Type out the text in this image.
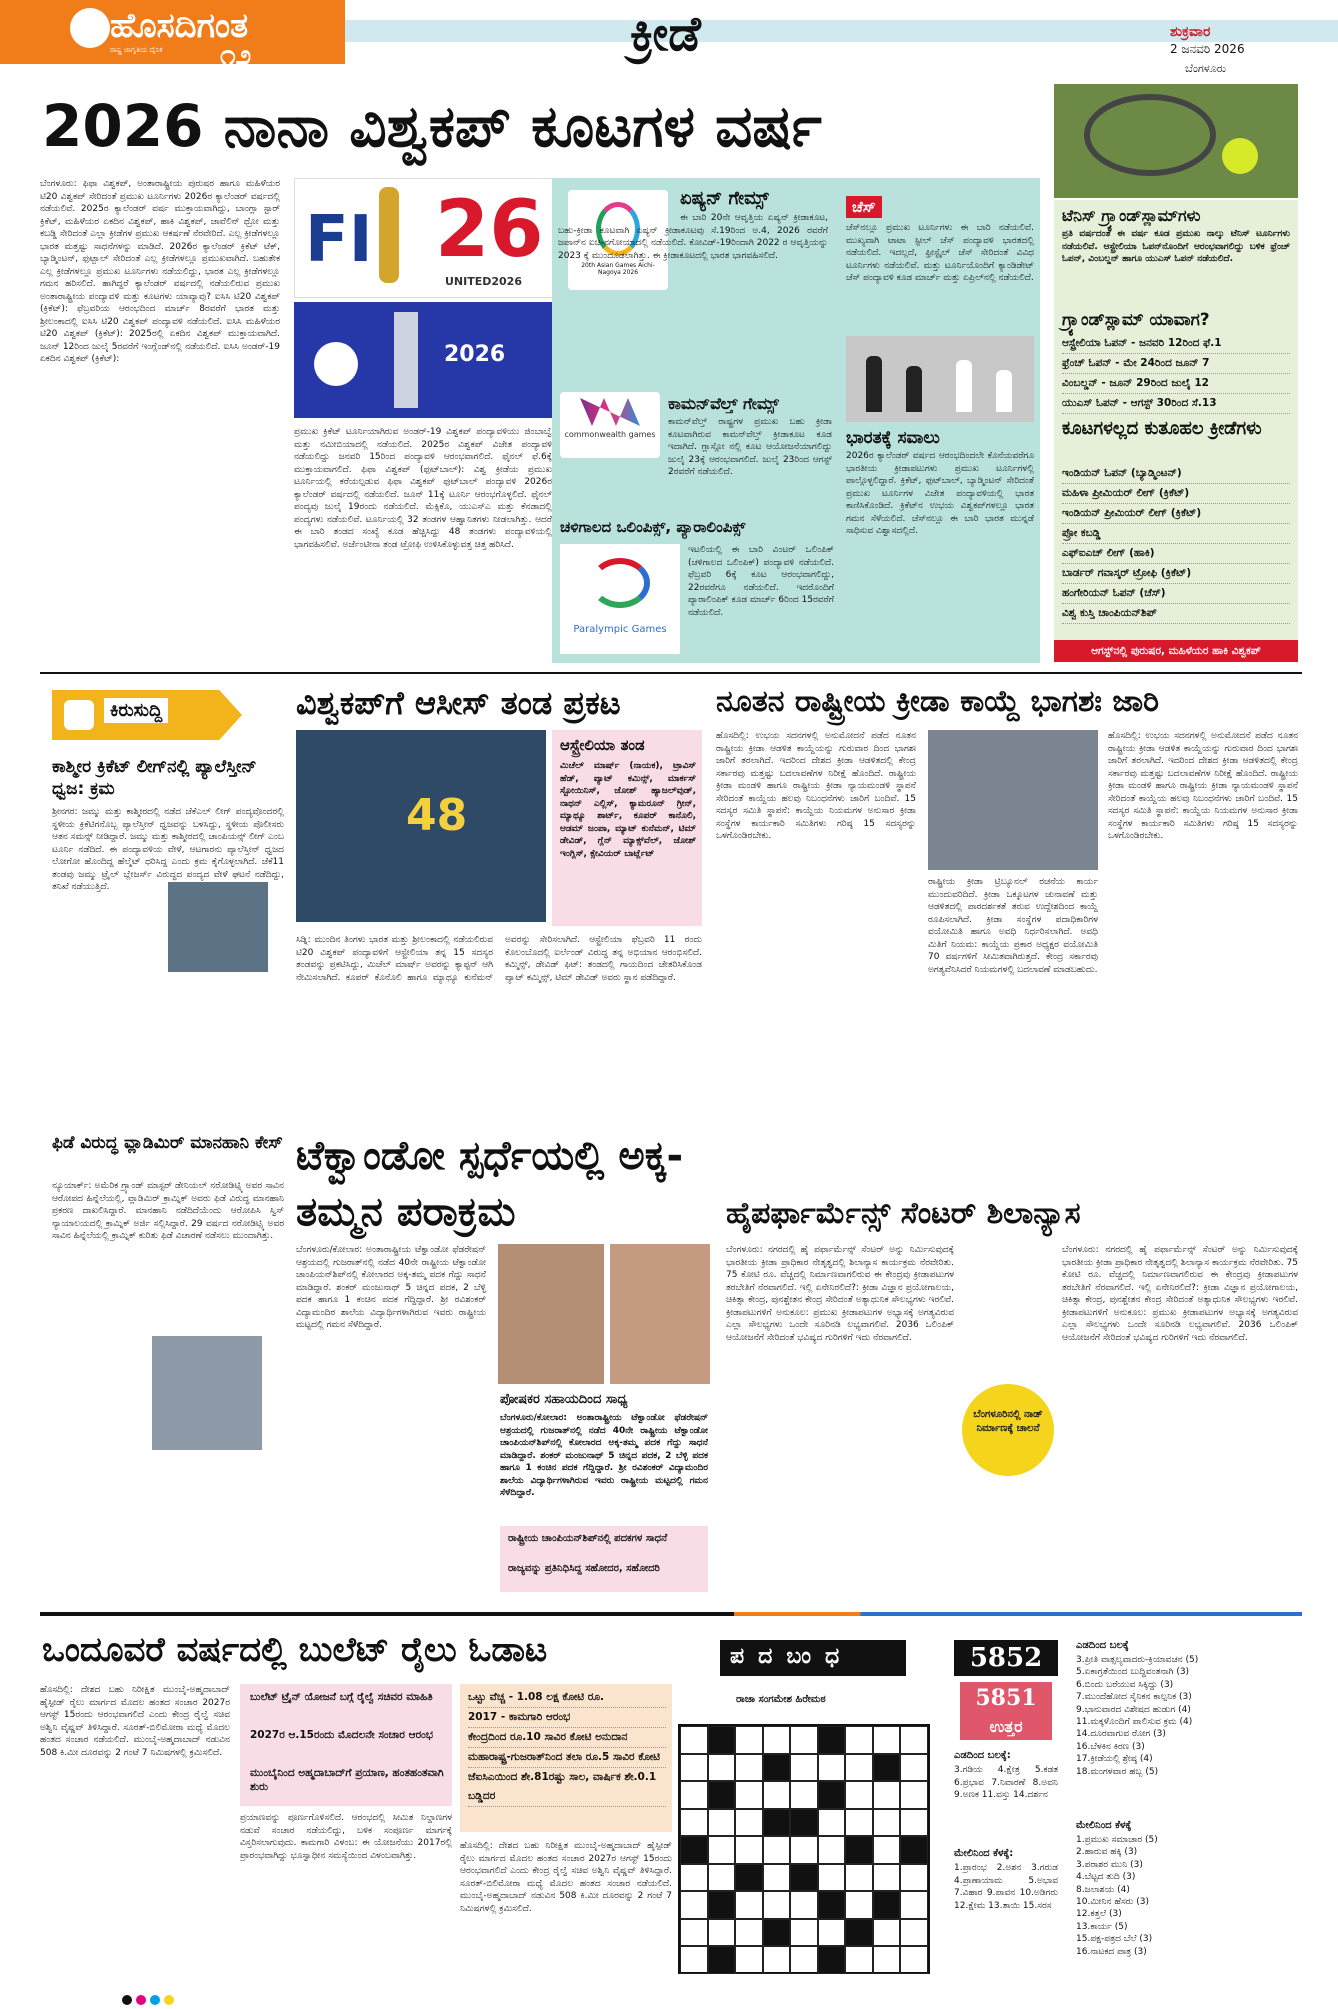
ಹೊಸದಿಗಂತ
ರಾಷ್ಟ್ರ ಜಾಗೃತಿಯ ದೈನಿಕ ೧೨	ಕ್ರೀಡೆ	ಶುಕ್ರವಾರ
2 ಜನವರಿ 2026
ಬೆಂಗಳೂರು
2026 ನಾನಾ ವಿಶ್ವಕಪ್ ಕೂಟಗಳ ವರ್ಷ
ಬೆಂಗಳೂರು: ಫಿಫಾ ವಿಶ್ವಕಪ್, ಅಂತಾರಾಷ್ಟ್ರೀಯ ಪುರುಷರ ಹಾಗೂ ಮಹಿಳೆಯರ ಟಿ20 ವಿಶ್ವಕಪ್ ಸೇರಿದಂತೆ ಪ್ರಮುಖ ಟೂರ್ನಿಗಳು 2026ರ ಕ್ಯಾಲೆಂಡರ್ ವರ್ಷದಲ್ಲಿ ನಡೆಯಲಿವೆ. 2025ರ ಕ್ಯಾಲೆಂಡರ್ ವರ್ಷ ಮುಕ್ತಾಯವಾಗಿದ್ದು, ಬಾಂಗ್ಲಾ ಸ್ಟಾರ್ ಕ್ರಿಕೆಟ್, ಮಹಿಳೆಯರ ಏಕದಿನ ವಿಶ್ವಕಪ್, ಹಾಕಿ ವಿಶ್ವಕಪ್, ಜಾವೆಲಿನ್ ಥ್ರೋ ಮತ್ತು ಕಬಡ್ಡಿ ಸೇರಿದಂತೆ ಎಲ್ಲಾ ಕ್ರೀಡೆಗಳ ಪ್ರಮುಖ ಆಕರ್ಷಣೆ ನೆರವೇರಿದೆ. ಎಲ್ಲ ಕ್ರೀಡೆಗಳಲ್ಲೂ ಭಾರತ ಮತ್ತಷ್ಟು ಸಾಧನೆಗಳನ್ನು ಮಾಡಿದೆ. 2026ರ ಕ್ಯಾಲೆಂಡರ್ ಕ್ರಿಕೆಟ್ ಟೆಕ್, ಬ್ಯಾಡ್ಮಿಂಟನ್, ಫುಟ್ಬಾಲ್ ಸೇರಿದಂತೆ ಎಲ್ಲ ಕ್ರೀಡೆಗಳಲ್ಲೂ ಪ್ರಮುಖವಾಗಿದೆ. ಬಹುತೇಕ ಎಲ್ಲ ಕ್ರೀಡೆಗಳಲ್ಲೂ ಪ್ರಮುಖ ಟೂರ್ನಿಗಳು ನಡೆಯಲಿದ್ದು, ಭಾರತ ಎಲ್ಲ ಕ್ರೀಡೆಗಳಲ್ಲೂ ಗಮನ ಹರಿಸಲಿದೆ. ಹಾಗಿದ್ದರೆ ಕ್ಯಾಲೆಂಡರ್ ವರ್ಷದಲ್ಲಿ ನಡೆಯಲಿರುವ ಪ್ರಮುಖ ಅಂತಾರಾಷ್ಟ್ರೀಯ ಪಂದ್ಯಾವಳಿ ಮತ್ತು ಕೂಟಗಳು ಯಾವ್ಯಾವು? ಐಸಿಸಿ ಟಿ20 ವಿಶ್ವಕಪ್ (ಕ್ರಿಕೆಟ್): ಫೆಬ್ರವರಿಯ ಆರಂಭದಿಂದ ಮಾರ್ಚ್ 8ರವರೆಗೆ ಭಾರತ ಮತ್ತು ಶ್ರೀಲಂಕಾದಲ್ಲಿ ಐಸಿಸಿ ಟಿ20 ವಿಶ್ವಕಪ್ ಪಂದ್ಯಾವಳಿ ನಡೆಯಲಿದೆ. ಐಸಿಸಿ ಮಹಿಳೆಯರ ಟಿ20 ವಿಶ್ವಕಪ್ (ಕ್ರಿಕೆಟ್): 2025ರಲ್ಲಿ ಏಕದಿನ ವಿಶ್ವಕಪ್ ಮುಕ್ತಾಯವಾಗಿದೆ. ಜೂನ್ 12ರಿಂದ ಜುಲೈ 5ರವರೆಗೆ ಇಂಗ್ಲೆಂಡ್‌ನಲ್ಲಿ ನಡೆಯಲಿದೆ. ಐಸಿಸಿ ಅಂಡರ್-19 ಏಕದಿನ ವಿಶ್ವಕಪ್ (ಕ್ರಿಕೆಟ್):
FI 26
UNITED2026
2026
ಪ್ರಮುಖ ಕ್ರಿಕೆಟ್ ಟೂರ್ನಿಯಾಗಿರುವ ಅಂಡರ್-19 ವಿಶ್ವಕಪ್ ಪಂದ್ಯಾವಳಿಯು ಜಿಂಬಾಬ್ವೆ ಮತ್ತು ನಮೀಬಿಯಾದಲ್ಲಿ ನಡೆಯಲಿದೆ. 2025ರ ವಿಶ್ವಕಪ್ ವಿಜೇತ ಪಂದ್ಯಾವಳಿ ನಡೆಯಲಿದ್ದು ಜನವರಿ 15ರಿಂದ ಪಂದ್ಯಾವಳಿ ಆರಂಭವಾಗಲಿದೆ. ಫೈನಲ್ ಫೆ.6ಕ್ಕೆ ಮುಕ್ತಾಯವಾಗಲಿದೆ. ಫಿಫಾ ವಿಶ್ವಕಪ್ (ಫುಟ್‌ಬಾಲ್): ವಿಶ್ವ ಕ್ರೀಡೆಯ ಪ್ರಮುಖ ಟೂರ್ನಿಯಲ್ಲಿ ಕರೆಯಲ್ಪಡುವ ಫಿಫಾ ವಿಶ್ವಕಪ್ ಫುಟ್‌ಬಾಲ್ ಪಂದ್ಯಾವಳಿ 2026ರ ಕ್ಯಾಲೆಂಡರ್ ವರ್ಷದಲ್ಲಿ ನಡೆಯಲಿದೆ. ಜೂನ್ 11ಕ್ಕೆ ಟೂರ್ನಿ ಆರಂಭಗೊಳ್ಳಲಿದೆ. ಫೈನಲ್ ಪಂದ್ಯವು ಜುಲೈ 19ರಂದು ನಡೆಯಲಿದೆ. ಮೆಕ್ಸಿಕೊ, ಯುಎಸ್ಎ ಮತ್ತು ಕೆನಡಾದಲ್ಲಿ ಪಂದ್ಯಗಳು ನಡೆಯಲಿವೆ. ಟೂರ್ನಿಯಲ್ಲಿ 32 ತಂಡಗಳ ಆಹ್ವಾನಿತಗಳು ನೀಡಲಾಗಿತ್ತು. ಆದರೆ ಈ ಬಾರಿ ತಂಡದ ಸಂಖ್ಯೆ ಕೂಡ ಹೆಚ್ಚಿಸಿದ್ದು 48 ತಂಡಗಳು ಪಂದ್ಯಾವಳಿಯಲ್ಲಿ ಭಾಗವಹಿಸಲಿವೆ. ಅರ್ಜೆಂಟೀನಾ ತಂಡ ಟ್ರೋಫಿ ಉಳಿಸಿಕೊಳ್ಳುವತ್ತ ಚಿತ್ತ ಹರಿಸಿದೆ.
20th Asian Games Aichi-Nagoya 2026
ಏಷ್ಯನ್ ಗೇಮ್ಸ್
ಈ ಬಾರಿ 20ನೇ ಆವೃತ್ತಿಯ ಏಷ್ಯನ್ ಕ್ರೀಡಾಕೂಟ, ಬಹು-ಕ್ರೀಡಾ ಕೂಟವಾಗಿ ಏಷ್ಯನ್ ಕ್ರೀಡಾಕೂಟವು ಸೆ.19ರಿಂದ ಅ.4, 2026 ರವರೆಗೆ ಜಪಾನ್‌ನ ಐಚಿ-ನಗೋಯಾದಲ್ಲಿ ನಡೆಯಲಿದೆ. ಕೋವಿಡ್-19ರಿಂದಾಗಿ 2022 ರ ಆವೃತ್ತಿಯನ್ನು 2023 ಕ್ಕೆ ಮುಂದೂಡಲಾಗಿತ್ತು. ಈ ಕ್ರೀಡಾಕೂಟದಲ್ಲಿ ಭಾರತ ಭಾಗವಹಿಸಲಿದೆ.
ಚೆಸ್
ಚೆಸ್‌ನಲ್ಲೂ ಪ್ರಮುಖ ಟೂರ್ನಿಗಳು ಈ ಬಾರಿ ನಡೆಯಲಿವೆ. ಮುಖ್ಯವಾಗಿ ಟಾಟಾ ಸ್ಟೀಲ್ ಚೆಸ್ ಪಂದ್ಯಾವಳಿ ಭಾರತದಲ್ಲಿ ನಡೆಯಲಿದೆ. ಇದಲ್ಲದೆ, ಫ್ರೀಸ್ಟೈಲ್ ಚೆಸ್ ಸೇರಿದಂತೆ ವಿವಿಧ ಟೂರ್ನಿಗಳು ನಡೆಯಲಿವೆ. ಮತ್ತು ಟೂರ್ನಿಯೊಂದಿಗೆ ಕ್ಯಾಂಡಿಡೇಟ್ ಚೆಸ್ ಪಂದ್ಯಾವಳಿ ಕೂಡ ಮಾರ್ಚ್ ಮತ್ತು ಏಪ್ರಿಲ್‌ನಲ್ಲಿ ನಡೆಯಲಿದೆ.
commonwealth games
ಕಾಮನ್‌ವೆಲ್ತ್ ಗೇಮ್ಸ್
ಕಾಮನ್‌ವೆಲ್ತ್ ರಾಷ್ಟ್ರಗಳ ಪ್ರಮುಖ ಬಹು ಕ್ರೀಡಾ ಕೂಟವಾಗಿರುವ ಕಾಮನ್‌ವೆಲ್ತ್ ಕ್ರೀಡಾಕೂಟ ಕೂಡ ಇದಾಗಿದೆ. ಗ್ಲಾಸ್ಗೋ ನಲ್ಲಿ ಕೂಟ ಆಯೋಜನೆಯಾಗಲಿದ್ದು ಜುಲೈ 23ಕ್ಕೆ ಆರಂಭವಾಗಲಿದೆ. ಜುಲೈ 23ರಿಂದ ಆಗಸ್ಟ್ 2ರವರೆಗೆ ನಡೆಯಲಿದೆ.
ಭಾರತಕ್ಕೆ ಸವಾಲು
2026ರ ಕ್ಯಾಲೆಂಡರ್ ವರ್ಷದ ಆರಂಭದಿಂದಲೇ ಕೊನೆಯವರೆಗೂ ಭಾರತೀಯ ಕ್ರೀಡಾಪಟುಗಳು ಪ್ರಮುಖ ಟೂರ್ನಿಗಳಲ್ಲಿ ಪಾಲ್ಗೊಳ್ಳಲಿದ್ದಾರೆ. ಕ್ರಿಕೆಟ್, ಫುಟ್‌ಬಾಲ್, ಬ್ಯಾಡ್ಮಿಂಟನ್ ಸೇರಿದಂತೆ ಪ್ರಮುಖ ಟೂರ್ನಿಗಳ ವಿಜೇತ ಪಂದ್ಯಾವಳಿಯಲ್ಲಿ ಭಾರತ ಕಾಣಿಸಿಕೊಂಡಿದೆ. ಕ್ರಿಕೆಟ್‌ನ ಉಭಯ ವಿಶ್ವಕಪ್‌ಗಳಲ್ಲೂ ಭಾರತ ಗಮನ ಸೆಳೆಯಲಿದೆ. ಚೆಸ್‌ನಲ್ಲೂ ಈ ಬಾರಿ ಭಾರತ ಮುನ್ನಡೆ ಸಾಧಿಸುವ ವಿಶ್ವಾಸದಲ್ಲಿದೆ.
ಚಳಿಗಾಲದ ಒಲಿಂಪಿಕ್ಸ್, ಪ್ಯಾರಾಲಿಂಪಿಕ್ಸ್
Paralympic Games
ಇಟಲಿಯಲ್ಲಿ ಈ ಬಾರಿ ವಿಂಟರ್ ಒಲಿಂಪಿಕ್ (ಚಳಿಗಾಲದ ಒಲಿಂಪಿಕ್) ಪಂದ್ಯಾವಳಿ ನಡೆಯಲಿದೆ. ಫೆಬ್ರವರಿ 6ಕ್ಕೆ ಕೂಟ ಆರಂಭವಾಗಲಿದ್ದು, 22ರವರೆಗೂ ನಡೆಯಲಿದೆ. ಇದರೊಂದಿಗೆ ಪ್ಯಾರಾಲಿಂಪಿಕ್ ಕೂಡ ಮಾರ್ಚ್ 6ರಿಂದ 15ರವರೆಗೆ ನಡೆಯಲಿದೆ.
ಟೆನಿಸ್ ಗ್ರ್ಯಾಂಡ್‌ಸ್ಲಾಮ್‌ಗಳು
ಪ್ರತಿ ವರ್ಷದಂತೆ ಈ ವರ್ಷ ಕೂಡ ಪ್ರಮುಖ ನಾಲ್ಕು ಟೆನಿಸ್ ಟೂರ್ನಿಗಳು ನಡೆಯಲಿವೆ. ಆಸ್ಟ್ರೇಲಿಯಾ ಓಪನ್‌ನೊಂದಿಗೆ ಆರಂಭವಾಗಲಿದ್ದು ಬಳಿಕ ಫ್ರೆಂಚ್ ಓಪನ್, ವಿಂಬಲ್ಡನ್ ಹಾಗೂ ಯುಎಸ್ ಓಪನ್ ನಡೆಯಲಿದೆ.
ಗ್ರ್ಯಾಂಡ್‌ಸ್ಲಾಮ್ ಯಾವಾಗ?
ಆಸ್ಟ್ರೇಲಿಯಾ ಓಪನ್ - ಜನವರಿ 12ರಿಂದ ಫೆ.1
ಫ್ರೆಂಚ್ ಓಪನ್ - ಮೇ 24ರಿಂದ ಜೂನ್ 7
ವಿಂಬಲ್ಡನ್ - ಜೂನ್ 29ರಿಂದ ಜುಲೈ 12
ಯುಎಸ್ ಓಪನ್ - ಆಗಸ್ಟ್ 30ರಿಂದ ಸೆ.13
ಕೂಟಗಳಲ್ಲದ ಕುತೂಹಲ ಕ್ರೀಡೆಗಳು
ಇಂಡಿಯನ್ ಓಪನ್ (ಬ್ಯಾಡ್ಮಿಂಟನ್)
ಮಹಿಳಾ ಪ್ರೀಮಿಯರ್ ಲೀಗ್ (ಕ್ರಿಕೆಟ್)
ಇಂಡಿಯನ್ ಪ್ರೀಮಿಯರ್ ಲೀಗ್ (ಕ್ರಿಕೆಟ್)
ಪ್ರೋ ಕಬಡ್ಡಿ
ಎಫ್‌ಐಎಚ್ ಲೀಗ್ (ಹಾಕಿ)
ಬಾರ್ಡರ್ ಗವಾಸ್ಕರ್ ಟ್ರೋಫಿ (ಕ್ರಿಕೆಟ್)
ಹಂಗೇರಿಯನ್ ಓಪನ್ (ಚೆಸ್)
ವಿಶ್ವ ಕುಸ್ತಿ ಚಾಂಪಿಯನ್‌ಶಿಪ್
ಆಗಸ್ಟ್‌ನಲ್ಲಿ ಪುರುಷರ, ಮಹಿಳೆಯರ ಹಾಕಿ ವಿಶ್ವಕಪ್
ಕಿರುಸುದ್ದಿ
ಕಾಶ್ಮೀರ ಕ್ರಿಕೆಟ್ ಲೀಗ್‌ನಲ್ಲಿ ಪ್ಯಾಲೆಸ್ತೀನ್ ಧ್ವಜ: ಕ್ರಮ
ಶ್ರೀನಗರ: ಜಮ್ಮು ಮತ್ತು ಕಾಶ್ಮೀರದಲ್ಲಿ ನಡೆದ ಜೆಕೆಎಲ್ ಲೀಗ್ ಪಂದ್ಯವೊಂದರಲ್ಲಿ ಸ್ಥಳೀಯ ಕ್ರಿಕೆಟಿಗನೊಬ್ಬ ಪ್ಯಾಲೆಸ್ತೀನ್ ಧ್ವಜವನ್ನು ಬಳಸಿದ್ದು, ಸ್ಥಳೀಯ ಪೊಲೀಸರು ಆತನ ಸಮನ್ಸ್ ನೀಡಿದ್ದಾರೆ. ಜಮ್ಮು ಮತ್ತು ಕಾಶ್ಮೀರದಲ್ಲಿ ಚಾಂಪಿಯನ್ಸ್ ಲೀಗ್ ಎಂಬ ಟೂರ್ನಿ ನಡೆದಿದೆ. ಈ ಪಂದ್ಯಾವಳಿಯ ವೇಳೆ, ಆಟಗಾರನು ಪ್ಯಾಲೆಸ್ತೀನ್ ಧ್ವಜದ ಲೋಗೋ ಹೊಂದಿದ್ದ ಹೆಲ್ಮೆಟ್ ಧರಿಸಿದ್ದ ಎಂದು ಕ್ರಮ ಕೈಗೊಳ್ಳಲಾಗಿದೆ. ಜೆಕೆ11 ತಂಡವು ಜಮ್ಮು ಟ್ರೈಲ್ ಬ್ಲೇಜರ್ಸ್ ವಿರುದ್ಧದ ಪಂದ್ಯದ ವೇಳೆ ಘಟನೆ ನಡೆದಿದ್ದು, ತನಿಖೆ ನಡೆಯುತ್ತಿದೆ.
ಫಿಡೆ ವಿರುದ್ಧ ವ್ಲಾಡಿಮಿರ್ ಮಾನಹಾನಿ ಕೇಸ್
ನ್ಯೂಯಾರ್ಕ್: ಅಮೆರಿಕ ಗ್ರ್ಯಾಂಡ್ ಮಾಸ್ಟರ್ ಡೇನಿಯಲ್ ನರೋಡಿಟ್ಸ್ಕಿ ಅವರ ಸಾವಿನ ಆರೋಪದ ಹಿನ್ನೆಲೆಯಲ್ಲಿ, ವ್ಲಾಡಿಮಿರ್ ಕ್ರಾಮ್ನಿಕ್ ಅವರು ಫಿಡೆ ವಿರುದ್ಧ ಮಾನಹಾನಿ ಪ್ರಕರಣ ದಾಖಲಿಸಿದ್ದಾರೆ. ಮಾನಹಾನಿ ನಡೆದಿದೆಯೆಂದು ಆರೋಪಿಸಿ ಸ್ವಿಸ್ ನ್ಯಾಯಾಲಯದಲ್ಲಿ ಕ್ರಾಮ್ನಿಕ್ ಅರ್ಜಿ ಸಲ್ಲಿಸಿದ್ದಾರೆ. 29 ವರ್ಷದ ನರೋಡಿಟ್ಸ್ಕಿ ಅವರ ಸಾವಿನ ಹಿನ್ನೆಲೆಯಲ್ಲಿ ಕ್ರಾಮ್ನಿಕ್ ಕುರಿತು ಫಿಡೆ ವಿಚಾರಣೆ ನಡೆಸಲು ಮುಂದಾಗಿತ್ತು.
ವಿಶ್ವಕಪ್‌ಗೆ ಆಸೀಸ್ ತಂಡ ಪ್ರಕಟ
48
ಆಸ್ಟ್ರೇಲಿಯಾ ತಂಡ
ಮಿಚೆಲ್ ಮಾರ್ಷ್ (ನಾಯಕ), ಟ್ರಾವಿಸ್ ಹೆಡ್, ಪ್ಯಾಟ್ ಕಮಿನ್ಸ್, ಮಾರ್ಕಸ್ ಸ್ಟೋಯಿನಿಸ್, ಜೋಶ್ ಹ್ಯಾಜಲ್‌ವುಡ್, ನಾಥನ್ ಎಲ್ಲಿಸ್, ಕ್ಯಾಮರೂನ್ ಗ್ರೀನ್, ಮ್ಯಾಥ್ಯೂ ಶಾರ್ಟ್, ಕೂಪರ್ ಕಾನೊಲಿ, ಆಡಮ್ ಜಂಪಾ, ಮ್ಯಾಟ್ ಕುನೆಮನ್, ಟಿಮ್ ಡೇವಿಡ್, ಗ್ಲೆನ್ ಮ್ಯಾಕ್ಸ್‌ವೆಲ್, ಜೋಶ್ ಇಂಗ್ಲಿಸ್, ಕ್ಸೇವಿಯರ್ ಬಾರ್ಟ್ಲೆಟ್
ಸಿಡ್ನಿ: ಮುಂದಿನ ತಿಂಗಳು ಭಾರತ ಮತ್ತು ಶ್ರೀಲಂಕಾದಲ್ಲಿ ನಡೆಯಲಿರುವ ಟಿ20 ವಿಶ್ವಕಪ್ ಪಂದ್ಯಾವಳಿಗೆ ಆಸ್ಟ್ರೇಲಿಯಾ ತನ್ನ 15 ಸದಸ್ಯರ ತಂಡವನ್ನು ಪ್ರಕಟಿಸಿದ್ದು, ಮಿಚೆಲ್ ಮಾರ್ಷ್ ಅವರನ್ನು ಕ್ಯಾಪ್ಟನ್ ಆಗಿ ನೇಮಿಸಲಾಗಿದೆ. ಕೂಪರ್ ಕೊನೊಲಿ ಹಾಗೂ ಮ್ಯಾಥ್ಯೂ ಕುನೆಮನ್ ಅವರನ್ನು ಸೇರಿಸಲಾಗಿದೆ. ಆಸ್ಟ್ರೇಲಿಯಾ ಫೆಬ್ರವರಿ 11 ರಂದು ಕೊಲಂಬೊದಲ್ಲಿ ಐರ್ಲೆಂಡ್ ವಿರುದ್ಧ ತನ್ನ ಅಭಿಯಾನ ಆರಂಭಿಸಲಿದೆ. ಕಮ್ಮಿನ್ಸ್, ಡೇವಿಡ್ ಫಿಟ್: ತಂಡದಲ್ಲಿ ಗಾಯದಿಂದ ಚೇತರಿಸಿಕೊಂಡ ಪ್ಯಾಟ್ ಕಮ್ಮಿನ್ಸ್, ಟಿಮ್ ಡೇವಿಡ್ ಅವರು ಸ್ಥಾನ ಪಡೆದಿದ್ದಾರೆ.
ನೂತನ ರಾಷ್ಟ್ರೀಯ ಕ್ರೀಡಾ ಕಾಯ್ದೆ ಭಾಗಶಃ ಜಾರಿ
ಹೊಸದಿಲ್ಲಿ: ಉಭಯ ಸದನಗಳಲ್ಲಿ ಅನುಮೋದನೆ ಪಡೆದ ನೂತನ ರಾಷ್ಟ್ರೀಯ ಕ್ರೀಡಾ ಆಡಳಿತ ಕಾಯ್ದೆಯನ್ನು ಗುರುವಾರ ದಿಂದ ಭಾಗಶಃ ಜಾರಿಗೆ ತರಲಾಗಿದೆ. ಇದರಿಂದ ದೇಶದ ಕ್ರೀಡಾ ಆಡಳಿತದಲ್ಲಿ ಕೇಂದ್ರ ಸರ್ಕಾರವು ಮತ್ತಷ್ಟು ಬದಲಾವಣೆಗಳ ನಿರೀಕ್ಷೆ ಹೊಂದಿದೆ. ರಾಷ್ಟ್ರೀಯ ಕ್ರೀಡಾ ಮಂಡಳಿ ಹಾಗೂ ರಾಷ್ಟ್ರೀಯ ಕ್ರೀಡಾ ನ್ಯಾಯಮಂಡಳಿ ಸ್ಥಾಪನೆ ಸೇರಿದಂತೆ ಕಾಯ್ದೆಯ ಹಲವು ನಿಬಂಧನೆಗಳು ಜಾರಿಗೆ ಬಂದಿವೆ. 15 ಸದಸ್ಯರ ಸಮಿತಿ ಸ್ಥಾಪನೆ: ಕಾಯ್ದೆಯ ನಿಯಮಗಳ ಅನುಸಾರ ಕ್ರೀಡಾ ಸಂಸ್ಥೆಗಳ ಕಾರ್ಯಕಾರಿ ಸಮಿತಿಗಳು ಗರಿಷ್ಠ 15 ಸದಸ್ಯರನ್ನು ಒಳಗೊಂಡಿರಬೇಕು.
ರಾಷ್ಟ್ರೀಯ ಕ್ರೀಡಾ ಟ್ರಿಬ್ಯೂನಲ್ ರಚನೆಯ ಕಾರ್ಯ ಮುಂದುವರಿದಿದೆ. ಕ್ರೀಡಾ ಒಕ್ಕೂಟಗಳ ಚುನಾವಣೆ ಮತ್ತು ಆಡಳಿತದಲ್ಲಿ ಪಾರದರ್ಶಕತೆ ತರುವ ಉದ್ದೇಶದಿಂದ ಕಾಯ್ದೆ ರೂಪಿಸಲಾಗಿದೆ. ಕ್ರೀಡಾ ಸಂಸ್ಥೆಗಳ ಪದಾಧಿಕಾರಿಗಳ ವಯೋಮಿತಿ ಹಾಗೂ ಅವಧಿ ನಿರ್ಧರಿಸಲಾಗಿದೆ. ಅವಧಿ ಮಿತಿಗೆ ನಿಯಮ: ಕಾಯ್ದೆಯ ಪ್ರಕಾರ ಅಧ್ಯಕ್ಷರ ವಯೋಮಿತಿ 70 ವರ್ಷಗಳಿಗೆ ಸೀಮಿತವಾಗಿರುತ್ತದೆ. ಕೇಂದ್ರ ಸರ್ಕಾರವು ಅಗತ್ಯವೆನಿಸಿದರೆ ನಿಯಮಗಳಲ್ಲಿ ಬದಲಾವಣೆ ಮಾಡಬಹುದು.
ಹೊಸದಿಲ್ಲಿ: ಉಭಯ ಸದನಗಳಲ್ಲಿ ಅನುಮೋದನೆ ಪಡೆದ ನೂತನ ರಾಷ್ಟ್ರೀಯ ಕ್ರೀಡಾ ಆಡಳಿತ ಕಾಯ್ದೆಯನ್ನು ಗುರುವಾರ ದಿಂದ ಭಾಗಶಃ ಜಾರಿಗೆ ತರಲಾಗಿದೆ. ಇದರಿಂದ ದೇಶದ ಕ್ರೀಡಾ ಆಡಳಿತದಲ್ಲಿ ಕೇಂದ್ರ ಸರ್ಕಾರವು ಮತ್ತಷ್ಟು ಬದಲಾವಣೆಗಳ ನಿರೀಕ್ಷೆ ಹೊಂದಿದೆ. ರಾಷ್ಟ್ರೀಯ ಕ್ರೀಡಾ ಮಂಡಳಿ ಹಾಗೂ ರಾಷ್ಟ್ರೀಯ ಕ್ರೀಡಾ ನ್ಯಾಯಮಂಡಳಿ ಸ್ಥಾಪನೆ ಸೇರಿದಂತೆ ಕಾಯ್ದೆಯ ಹಲವು ನಿಬಂಧನೆಗಳು ಜಾರಿಗೆ ಬಂದಿವೆ. 15 ಸದಸ್ಯರ ಸಮಿತಿ ಸ್ಥಾಪನೆ: ಕಾಯ್ದೆಯ ನಿಯಮಗಳ ಅನುಸಾರ ಕ್ರೀಡಾ ಸಂಸ್ಥೆಗಳ ಕಾರ್ಯಕಾರಿ ಸಮಿತಿಗಳು ಗರಿಷ್ಠ 15 ಸದಸ್ಯರನ್ನು ಒಳಗೊಂಡಿರಬೇಕು.
ಟೆಕ್ವಾಂಡೋ ಸ್ಪರ್ಧೆಯಲ್ಲಿ ಅಕ್ಕ-ತಮ್ಮನ ಪರಾಕ್ರಮ
ಬೆಂಗಳೂರು/ಕೋಲಾರ: ಅಂತಾರಾಷ್ಟ್ರೀಯ ಟೆಕ್ವಾಂಡೋ ಫೆಡರೇಷನ್ ಆಶ್ರಯದಲ್ಲಿ ಗುಜರಾತ್‌ನಲ್ಲಿ ನಡೆದ 40ನೇ ರಾಷ್ಟ್ರೀಯ ಟೆಕ್ವಾಂಡೋ ಚಾಂಪಿಯನ್‌ಶಿಪ್‌ನಲ್ಲಿ ಕೋಲಾರದ ಅಕ್ಕ-ತಮ್ಮ ಪದಕ ಗೆದ್ದು ಸಾಧನೆ ಮಾಡಿದ್ದಾರೆ. ಶಂಕರ್ ಮಂಜುನಾಥ್ 5 ಚಿನ್ನದ ಪದಕ, 2 ಬೆಳ್ಳಿ ಪದಕ ಹಾಗೂ 1 ಕಂಚಿನ ಪದಕ ಗೆದ್ದಿದ್ದಾರೆ. ಶ್ರೀ ರವಿಶಂಕರ್ ವಿದ್ಯಾಮಂದಿರ ಶಾಲೆಯ ವಿದ್ಯಾರ್ಥಿಗಳಾಗಿರುವ ಇವರು ರಾಷ್ಟ್ರೀಯ ಮಟ್ಟದಲ್ಲಿ ಗಮನ ಸೆಳೆದಿದ್ದಾರೆ.
ಪೋಷಕರ ಸಹಾಯದಿಂದ ಸಾಧ್ಯ
ಬೆಂಗಳೂರು/ಕೋಲಾರ: ಅಂತಾರಾಷ್ಟ್ರೀಯ ಟೆಕ್ವಾಂಡೋ ಫೆಡರೇಷನ್ ಆಶ್ರಯದಲ್ಲಿ ಗುಜರಾತ್‌ನಲ್ಲಿ ನಡೆದ 40ನೇ ರಾಷ್ಟ್ರೀಯ ಟೆಕ್ವಾಂಡೋ ಚಾಂಪಿಯನ್‌ಶಿಪ್‌ನಲ್ಲಿ ಕೋಲಾರದ ಅಕ್ಕ-ತಮ್ಮ ಪದಕ ಗೆದ್ದು ಸಾಧನೆ ಮಾಡಿದ್ದಾರೆ. ಶಂಕರ್ ಮಂಜುನಾಥ್ 5 ಚಿನ್ನದ ಪದಕ, 2 ಬೆಳ್ಳಿ ಪದಕ ಹಾಗೂ 1 ಕಂಚಿನ ಪದಕ ಗೆದ್ದಿದ್ದಾರೆ. ಶ್ರೀ ರವಿಶಂಕರ್ ವಿದ್ಯಾಮಂದಿರ ಶಾಲೆಯ ವಿದ್ಯಾರ್ಥಿಗಳಾಗಿರುವ ಇವರು ರಾಷ್ಟ್ರೀಯ ಮಟ್ಟದಲ್ಲಿ ಗಮನ ಸೆಳೆದಿದ್ದಾರೆ.
ರಾಷ್ಟ್ರೀಯ ಚಾಂಪಿಯನ್‌ಶಿಪ್‌ನಲ್ಲಿ ಪದಕಗಳ ಸಾಧನೆ
ರಾಜ್ಯವನ್ನು ಪ್ರತಿನಿಧಿಸಿದ್ದ ಸಹೋದರ, ಸಹೋದರಿ
ಹೈಪರ್ಫಾರ್ಮೆನ್ಸ್ ಸೆಂಟರ್ ಶಿಲಾನ್ಯಾಸ
ಬೆಂಗಳೂರು: ನಗರದಲ್ಲಿ ಹೈ ಪರ್ಫಾರ್ಮೆನ್ಸ್ ಸೆಂಟರ್ ಅನ್ನು ನಿರ್ಮಿಸುವುದಕ್ಕೆ ಭಾರತೀಯ ಕ್ರೀಡಾ ಪ್ರಾಧಿಕಾರ ನೇತೃತ್ವದಲ್ಲಿ ಶಿಲಾನ್ಯಾಸ ಕಾರ್ಯಕ್ರಮ ನೆರವೇರಿತು. 75 ಕೋಟಿ ರೂ. ವೆಚ್ಚದಲ್ಲಿ ನಿರ್ಮಾಣವಾಗಲಿರುವ ಈ ಕೇಂದ್ರವು ಕ್ರೀಡಾಪಟುಗಳ ತರಬೇತಿಗೆ ನೆರವಾಗಲಿದೆ. ಇಲ್ಲಿ ಏನೇನಿರಲಿದೆ?: ಕ್ರೀಡಾ ವಿಜ್ಞಾನ ಪ್ರಯೋಗಾಲಯ, ಚಿಕಿತ್ಸಾ ಕೇಂದ್ರ, ಪುನಶ್ಚೇತನ ಕೇಂದ್ರ ಸೇರಿದಂತೆ ಅತ್ಯಾಧುನಿಕ ಸೌಲಭ್ಯಗಳು ಇರಲಿವೆ. ಕ್ರೀಡಾಪಟುಗಳಿಗೆ ಅನುಕೂಲ: ಪ್ರಮುಖ ಕ್ರೀಡಾಪಟುಗಳ ಅಭ್ಯಾಸಕ್ಕೆ ಅಗತ್ಯವಿರುವ ಎಲ್ಲಾ ಸೌಲಭ್ಯಗಳು ಒಂದೇ ಸೂರಿನಡಿ ಲಭ್ಯವಾಗಲಿವೆ. 2036 ಒಲಿಂಪಿಕ್ ಆಯೋಜನೆಗೆ ಸೇರಿದಂತೆ ಭವಿಷ್ಯದ ಗುರಿಗಳಿಗೆ ಇದು ನೆರವಾಗಲಿದೆ.
ಬೆಂಗಳೂರಿನಲ್ಲಿ ನಾಡ್ ನಿರ್ಮಾಣಕ್ಕೆ ಚಾಲನೆ
ಬೆಂಗಳೂರು: ನಗರದಲ್ಲಿ ಹೈ ಪರ್ಫಾರ್ಮೆನ್ಸ್ ಸೆಂಟರ್ ಅನ್ನು ನಿರ್ಮಿಸುವುದಕ್ಕೆ ಭಾರತೀಯ ಕ್ರೀಡಾ ಪ್ರಾಧಿಕಾರ ನೇತೃತ್ವದಲ್ಲಿ ಶಿಲಾನ್ಯಾಸ ಕಾರ್ಯಕ್ರಮ ನೆರವೇರಿತು. 75 ಕೋಟಿ ರೂ. ವೆಚ್ಚದಲ್ಲಿ ನಿರ್ಮಾಣವಾಗಲಿರುವ ಈ ಕೇಂದ್ರವು ಕ್ರೀಡಾಪಟುಗಳ ತರಬೇತಿಗೆ ನೆರವಾಗಲಿದೆ. ಇಲ್ಲಿ ಏನೇನಿರಲಿದೆ?: ಕ್ರೀಡಾ ವಿಜ್ಞಾನ ಪ್ರಯೋಗಾಲಯ, ಚಿಕಿತ್ಸಾ ಕೇಂದ್ರ, ಪುನಶ್ಚೇತನ ಕೇಂದ್ರ ಸೇರಿದಂತೆ ಅತ್ಯಾಧುನಿಕ ಸೌಲಭ್ಯಗಳು ಇರಲಿವೆ. ಕ್ರೀಡಾಪಟುಗಳಿಗೆ ಅನುಕೂಲ: ಪ್ರಮುಖ ಕ್ರೀಡಾಪಟುಗಳ ಅಭ್ಯಾಸಕ್ಕೆ ಅಗತ್ಯವಿರುವ ಎಲ್ಲಾ ಸೌಲಭ್ಯಗಳು ಒಂದೇ ಸೂರಿನಡಿ ಲಭ್ಯವಾಗಲಿವೆ. 2036 ಒಲಿಂಪಿಕ್ ಆಯೋಜನೆಗೆ ಸೇರಿದಂತೆ ಭವಿಷ್ಯದ ಗುರಿಗಳಿಗೆ ಇದು ನೆರವಾಗಲಿದೆ.
ಒಂದೂವರೆ ವರ್ಷದಲ್ಲಿ ಬುಲೆಟ್ ರೈಲು ಓಡಾಟ
ಹೊಸದಿಲ್ಲಿ: ದೇಶದ ಬಹು ನಿರೀಕ್ಷಿತ ಮುಂಬೈ-ಅಹ್ಮದಾಬಾದ್ ಹೈಸ್ಪೀಡ್ ರೈಲು ಮಾರ್ಗದ ಮೊದಲ ಹಂತದ ಸಂಚಾರ 2027ರ ಆಗಸ್ಟ್ 15ರಂದು ಆರಂಭವಾಗಲಿದೆ ಎಂದು ಕೇಂದ್ರ ರೈಲ್ವೆ ಸಚಿವ ಅಶ್ವಿನಿ ವೈಷ್ಣವ್ ತಿಳಿಸಿದ್ದಾರೆ. ಸೂರತ್-ಬಿಲಿಮೋರಾ ಮಧ್ಯೆ ಮೊದಲ ಹಂತದ ಸಂಚಾರ ನಡೆಯಲಿದೆ. ಮುಂಬೈ-ಅಹ್ಮದಾಬಾದ್ ನಡುವಿನ 508 ಕಿ.ಮೀ ದೂರವನ್ನು 2 ಗಂಟೆ 7 ನಿಮಿಷಗಳಲ್ಲಿ ಕ್ರಮಿಸಲಿದೆ.
ಬುಲೆಟ್ ಟ್ರೈನ್ ಯೋಜನೆ ಬಗ್ಗೆ ರೈಲ್ವೆ ಸಚಿವರ ಮಾಹಿತಿ
2027ರ ಆ.15ರಂದು ಮೊದಲನೇ ಸಂಚಾರ ಆರಂಭ
ಮುಂಬೈನಿಂದ ಅಹ್ಮದಾಬಾದ್‌ಗೆ ಪ್ರಯಾಣ, ಹಂತಹಂತವಾಗಿ ಶುರು
ಒಟ್ಟು ವೆಚ್ಚ - 1.08 ಲಕ್ಷ ಕೋಟಿ ರೂ.
2017 - ಕಾಮಗಾರಿ ಆರಂಭ
ಕೇಂದ್ರದಿಂದ ರೂ.10 ಸಾವಿರ ಕೋಟಿ ಅನುದಾನ
ಮಹಾರಾಷ್ಟ್ರ-ಗುಜರಾತ್‌ನಿಂದ ತಲಾ ರೂ.5 ಸಾವಿರ ಕೋಟಿ
ಜೆಐಸಿಎಯಿಂದ ಶೇ.81ರಷ್ಟು ಸಾಲ, ವಾರ್ಷಿಕ ಶೇ.0.1 ಬಡ್ಡಿದರ
ಪ್ರಯಾಣವನ್ನು ಪೂರ್ಣಗೊಳಿಸಲಿದೆ. ಆರಂಭದಲ್ಲಿ ಸೀಮಿತ ನಿಲ್ದಾಣಗಳ ನಡುವೆ ಸಂಚಾರ ನಡೆಯಲಿದ್ದು, ಬಳಿಕ ಸಂಪೂರ್ಣ ಮಾರ್ಗಕ್ಕೆ ವಿಸ್ತರಿಸಲಾಗುವುದು. ಕಾಮಗಾರಿ ವಿಳಂಬ: ಈ ಯೋಜನೆಯು 2017ರಲ್ಲಿ ಪ್ರಾರಂಭವಾಗಿದ್ದು ಭೂಸ್ವಾಧೀನ ಸಮಸ್ಯೆಯಿಂದ ವಿಳಂಬವಾಗಿತ್ತು.
ಹೊಸದಿಲ್ಲಿ: ದೇಶದ ಬಹು ನಿರೀಕ್ಷಿತ ಮುಂಬೈ-ಅಹ್ಮದಾಬಾದ್ ಹೈಸ್ಪೀಡ್ ರೈಲು ಮಾರ್ಗದ ಮೊದಲ ಹಂತದ ಸಂಚಾರ 2027ರ ಆಗಸ್ಟ್ 15ರಂದು ಆರಂಭವಾಗಲಿದೆ ಎಂದು ಕೇಂದ್ರ ರೈಲ್ವೆ ಸಚಿವ ಅಶ್ವಿನಿ ವೈಷ್ಣವ್ ತಿಳಿಸಿದ್ದಾರೆ. ಸೂರತ್-ಬಿಲಿಮೋರಾ ಮಧ್ಯೆ ಮೊದಲ ಹಂತದ ಸಂಚಾರ ನಡೆಯಲಿದೆ. ಮುಂಬೈ-ಅಹ್ಮದಾಬಾದ್ ನಡುವಿನ 508 ಕಿ.ಮೀ ದೂರವನ್ನು 2 ಗಂಟೆ 7 ನಿಮಿಷಗಳಲ್ಲಿ ಕ್ರಮಿಸಲಿದೆ.
ಪದಬಂಧ
ರಾಜಾ ಸಂಗಮೇಶ ಹಿರೇಮಠ
5852
5851
ಉತ್ತರ
ಎಡದಿಂದ ಬಲಕ್ಕೆ:
3.ಗಡಿಯ 4.ಕ್ಷೇತ್ರ 5.ಕಡತ 6.ಪ್ರಭಾವ 7.ನಿವಾರಣೆ 8.ಅವನಿ 9.ಅಣಕ 11.ವಸ್ತು 14.ದರ್ಶನ
ಮೇಲಿನಿಂದ ಕೆಳಕ್ಕೆ:
1.ಪ್ರಾರಂಭ 2.ಅಶನ 3.ಗರುಡ 4.ಪ್ರಾಣಾಯಾಮ 5.ಅಭಾವ 7.ವಿಹಾರ 9.ಪಾವನ 10.ಅಡಿಗರು 12.ಕ್ಷೇಮ 13.ತಾಯಿ 15.ಸರಸ
ಎಡದಿಂದ ಬಲಕ್ಕೆ
3.ಪ್ರೀತಿ ವಾತ್ಸಲ್ಯವಾದರು-ಕ್ರಿಯಾವಚನ (5)
5.ಏಕಾಗ್ರತೆಯಿಂದ ಬುದ್ಧಿವಂತನಾಗಿ (3)
6.ಬಿಂದು ಬರೆಯುವ ಸಿಕ್ಕಿದ್ದು (3)
7.ಮುಂದೆಹೋದ ಸೈನಿಕನ ಕಾಲ್ಪನಿಕ (3)
9.ಭಾನುವಾರದ ವಿಶೇಷದ ಹುಡುಗ (4)
11.ಮಕ್ಕಳೊಂದಿಗೆ ಪಾಲಿಸುವ ಕ್ರಮ (4)
14.ದೂರವಾಗುವ ರೋಗ (3)
16.ಬೆಳಕಿನ ಕಿರಣ (3)
17.ಕ್ರೀಡೆಯಲ್ಲಿ ಶ್ರೇಷ್ಠ (4)
18.ಮಂಗಳವಾರ ಹಬ್ಬ (5)
ಮೇಲಿನಿಂದ ಕೆಳಕ್ಕೆ
1.ಪ್ರಮುಖ ಸಮಾಚಾರ (5)
2.ಹಾರುವ ಹಕ್ಕಿ (3)
3.ಪರಾಶರ ಮುನಿ (3)
4.ಬೆಟ್ಟದ ತುದಿ (3)
8.ಜಲಾಶಯ (4)
10.ಮೀನಿನ ಹೆಸರು (3)
12.ಕತ್ತಲೆ (3)
13.ಕಾರ್ಯ (5)
15.ಪಕ್ಷ-ಪತ್ರದ ಬೆಲೆ (3)
16.ನಾಟಕದ ಪಾತ್ರ (3)
